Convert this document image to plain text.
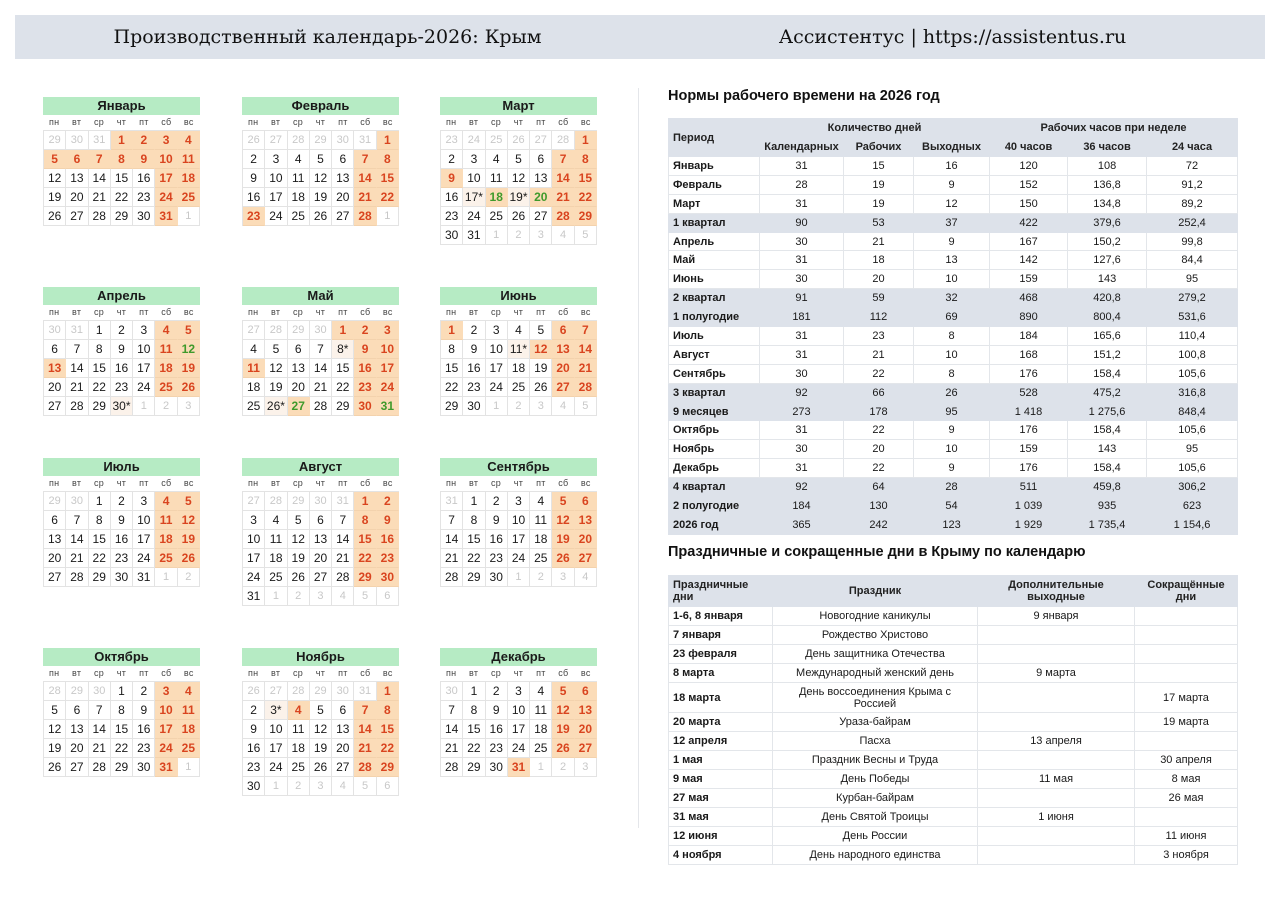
Производственный календарь-2026: Крым	Ассистентус | https://assistentus.ru
Январь
пн	вт	ср	чт	пт	сб	вс
29 30 31	1	2	3	4
5	6	7	8	9	10 11
12 13 14 15 16 17 18
19 20 21 22 23 24 25
26 27 28 29 30 31	1
Февраль
пн	вт	ср	чт	пт	сб	вс
26 27 28 29 30 31	1
2	3	4	5	6	7	8
9	10 11 12 13 14 15
16 17 18 19 20 21 22
23 24 25 26 27 28	1
Март
пн	вт	ср	чт	пт	сб	вс
23 24 25 26 27 28	1
2	3	4	5	6	7	8
9	10 11 12 13 14 15
16 17* 18 19* 20 21 22
23 24 25 26 27 28 29
30 31	1	2	3	4	5
Апрель
пн	вт	ср	чт	пт	сб	вс
30 31	1	2	3	4	5
6	7	8	9	10 11 12
13 14 15 16 17 18 19
20 21 22 23 24 25 26
27 28 29 30* 1	2	3
Май
пн	вт	ср	чт	пт	сб	вс
27 28 29 30	1	2	3
4	5	6	7	8*	9	10
11 12 13 14 15 16 17
18 19 20 21 22 23 24
25 26* 27 28 29 30 31
Июнь
пн	вт	ср	чт	пт	сб	вс
1	2	3	4	5	6	7
8	9	10 11* 12 13 14
15 16 17 18 19 20 21
22 23 24 25 26 27 28
29 30	1	2	3	4	5
Июль
пн	вт	ср	чт	пт	сб	вс
29 30	1	2	3	4	5
6	7	8	9	10 11 12
13 14 15 16 17 18 19
20 21 22 23 24 25 26
27 28 29 30 31	1	2
Август
пн	вт	ср	чт	пт	сб	вс
27 28 29 30 31	1	2
3	4	5	6	7	8	9
10 11 12 13 14 15 16
17 18 19 20 21 22 23
24 25 26 27 28 29 30
31	1	2	3	4	5	6
Сентябрь
пн	вт	ср	чт	пт	сб	вс
31	1	2	3	4	5	6
7	8	9	10 11 12 13
14 15 16 17 18 19 20
21 22 23 24 25 26 27
28 29 30	1	2	3	4
Октябрь
пн	вт	ср	чт	пт	сб	вс
28 29 30	1	2	3	4
5	6	7	8	9	10 11
12 13 14 15 16 17 18
19 20 21 22 23 24 25
26 27 28 29 30 31	1
Ноябрь
пн	вт	ср	чт	пт	сб	вс
26 27 28 29 30 31	1
2	3*	4	5	6	7	8
9	10 11 12 13 14 15
16 17 18 19 20 21 22
23 24 25 26 27 28 29
30	1	2	3	4	5	6
Декабрь
пн	вт	ср	чт	пт	сб	вс
30	1	2	3	4	5	6
7	8	9	10 11 12 13
14 15 16 17 18 19 20
21 22 23 24 25 26 27
28 29 30 31	1	2	3
Нормы рабочего времени на 2026 год
Период	Количество дней			Рабочих часов при неделе		
	Календарных	Рабочих	Выходных	40 часов	36 часов	24 часа
Январь	31	15	16	120	108	72
Февраль	28	19	9	152	136,8	91,2
Март	31	19	12	150	134,8	89,2
1 квартал	90	53	37	422	379,6	252,4
Апрель	30	21	9	167	150,2	99,8
Май	31	18	13	142	127,6	84,4
Июнь	30	20	10	159	143	95
2 квартал	91	59	32	468	420,8	279,2
1 полугодие	181	112	69	890	800,4	531,6
Июль	31	23	8	184	165,6	110,4
Август	31	21	10	168	151,2	100,8
Сентябрь	30	22	8	176	158,4	105,6
3 квартал	92	66	26	528	475,2	316,8
9 месяцев	273	178	95	1 418	1 275,6	848,4
Октябрь	31	22	9	176	158,4	105,6
Ноябрь	30	20	10	159	143	95
Декабрь	31	22	9	176	158,4	105,6
4 квартал	92	64	28	511	459,8	306,2
2 полугодие	184	130	54	1 039	935	623
2026 год	365	242	123	1 929	1 735,4	1 154,6
Праздничные и сокращенные дни в Крыму по календарю
Праздничные дни	Праздник	Дополнительные выходные	Сокращённые дни
1-6, 8 января	Новогодние каникулы	9 января	
7 января	Рождество Христово		
23 февраля	День защитника Отечества		
8 марта	Международный женский день	9 марта	
18 марта	День воссоединения Крыма с Россией		17 марта
20 марта	Ураза-байрам		19 марта
12 апреля	Пасха	13 апреля	
1 мая	Праздник Весны и Труда		30 апреля
9 мая	День Победы	11 мая	8 мая
27 мая	Курбан-байрам		26 мая
31 мая	День Святой Троицы	1 июня	
12 июня	День России		11 июня
4 ноября	День народного единства		3 ноября
